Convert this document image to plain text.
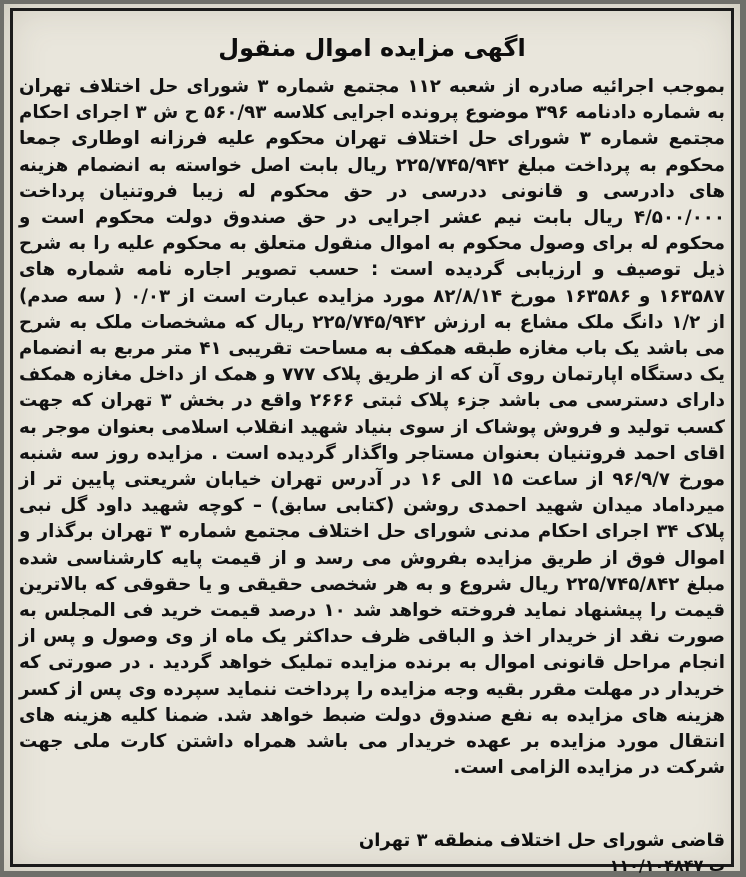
اگهی مزایده اموال منقول
بموجب اجرائیه صادره از شعبه ۱۱۲ مجتمع شماره ۳ شورای حل اختلاف تهران به شماره دادنامه ۳۹۶ موضوع پرونده اجرایی کلاسه ۵۶۰/۹۳ ح ش ۳ اجرای احکام مجتمع شماره ۳ شورای حل اختلاف تهران محکوم علیه فرزانه اوطاری جمعا محکوم به پرداخت مبلغ ۲۲۵/۷۴۵/۹۴۲ ریال بابت اصل خواسته به انضمام هزینه های دادرسی و قانونی ددرسی در حق محکوم له زیبا فروتنیان پرداخت ۴/۵۰۰/۰۰۰ ریال بابت نیم عشر اجرایی در حق صندوق دولت محکوم است و محکوم له برای وصول محکوم به اموال منقول متعلق به محکوم علیه را به شرح ذیل توصیف و ارزیابی گردیده است : حسب تصویر اجاره نامه شماره های ۱۶۳۵۸۷ و ۱۶۳۵۸۶ مورخ ۸۲/۸/۱۴ مورد مزایده عبارت است از ۰/۰۳ ( سه صدم) از ۱/۲ دانگ ملک مشاع به ارزش ۲۲۵/۷۴۵/۹۴۲ ریال که مشخصات ملک به شرح می باشد یک باب مغازه طبقه همکف به مساحت تقریبی ۴۱ متر مربع به انضمام یک دستگاه اپارتمان روی آن که از طریق پلاک ۷۷۷ و همک از داخل مغازه همکف دارای دسترسی می باشد جزء پلاک ثبتی ۲۶۶۶ واقع در بخش ۳ تهران که جهت کسب تولید و فروش پوشاک از سوی بنیاد شهید انقلاب اسلامی بعنوان موجر به اقای احمد فروتنیان بعنوان مستاجر واگذار گردیده است . مزایده روز سه شنبه مورخ ۹۶/۹/۷ از ساعت ۱۵ الی ۱۶ در آدرس تهران خیابان شریعتی پایین تر از میرداماد میدان شهید احمدی روشن (کتابی سابق) – کوچه شهید داود گل نبی پلاک ۳۴ اجرای احکام مدنی شورای حل اختلاف مجتمع شماره ۳ تهران برگذار و اموال فوق از طریق مزایده بفروش می رسد و از قیمت پایه کارشناسی شده مبلغ ۲۲۵/۷۴۵/۸۴۲ ریال شروع و به هر شخصی حقیقی و یا حقوقی که بالاترین قیمت را پیشنهاد نماید فروخته خواهد شد ۱۰ درصد قیمت خرید فی المجلس به صورت نقد از خریدار اخذ و الباقی ظرف حداکثر یک ماه از وی وصول و پس از انجام مراحل قانونی اموال به برنده مزایده تملیک خواهد گردید . در صورتی که خریدار در مهلت مقرر بقیه وجه مزایده را پرداخت ننماید سپرده وی پس از کسر هزینه های مزایده به نفع صندوق دولت ضبط خواهد شد. ضمنا کلیه هزینه های انتقال مورد مزایده بر عهده خریدار می باشد همراه داشتن کارت ملی جهت شرکت در مزایده الزامی است.
قاضی شورای حل اختلاف منطقه ۳ تهران
۱۱۰/۱۰۴۸۴۷ ت
